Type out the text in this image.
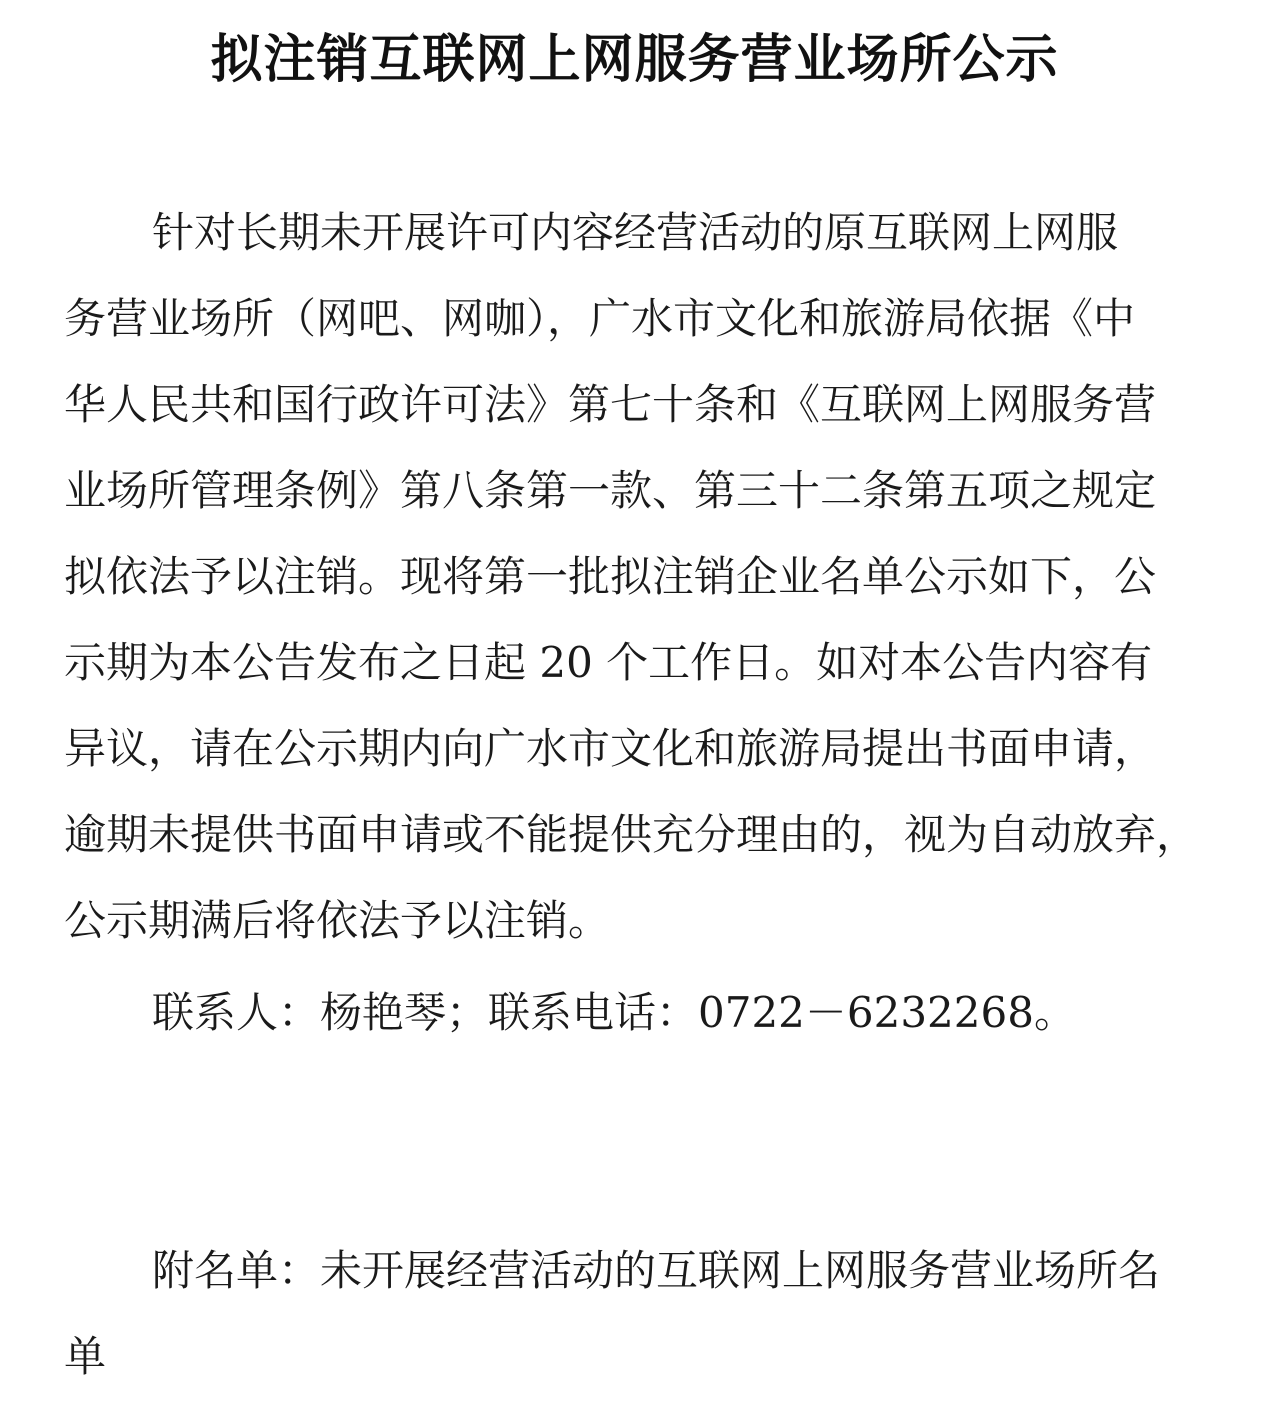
拟注销互联网上网服务营业场所公示
针对长期未开展许可内容经营活动的原互联网上网服
务营业场所（网吧、网咖），广水市文化和旅游局依据《中
华人民共和国行政许可法》第七十条和《互联网上网服务营
业场所管理条例》第八条第一款、第三十二条第五项之规定
拟依法予以注销。现将第一批拟注销企业名单公示如下，公
示期为本公告发布之日起 20 个工作日。如对本公告内容有
异议，请在公示期内向广水市文化和旅游局提出书面申请，
逾期未提供书面申请或不能提供充分理由的，视为自动放弃，
公示期满后将依法予以注销。
联系人：杨艳琴；联系电话：0722－6232268。
附名单：未开展经营活动的互联网上网服务营业场所名
单
